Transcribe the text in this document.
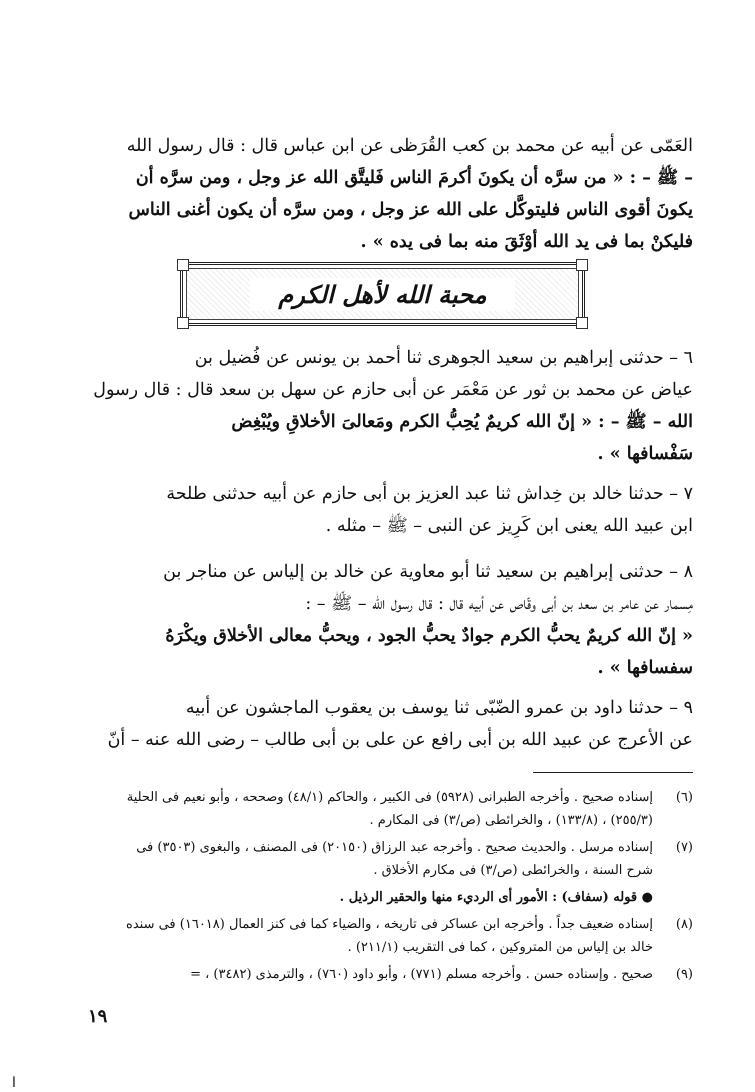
العَمّى عن أبيه عن محمد بن كعب القُرَظى عن ابن عباس قال : قال رسول الله
– ﷺ – : « من سرَّه أن يكونَ أكرمَ الناس فَليتَّق الله عز وجل ، ومن سرَّه أن
يكونَ أقوى الناس فليتوكَّل على الله عز وجل ، ومن سرَّه أن يكون أغنى الناس
فليكنْ بما فى يد الله أوْثَقَ منه بما فى يده » .
محبة الله لأهل الكرم
٦ – حدثنى إبراهيم بن سعيد الجوهرى ثنا أحمد بن يونس عن فُضيل بن
عياض عن محمد بن ثور عن مَعْمَر عن أبى حازم عن سهل بن سعد قال : قال رسول
الله – ﷺ – : « إنّ الله كريمٌ يُحِبُّ الكرم ومَعالىَ الأخلاقِ ويُبْغِض
سَفْسافها » .
٧ – حدثنا خالد بن خِداش ثنا عبد العزيز بن أبى حازم عن أبيه حدثنى طلحة
ابن عبيد الله يعنى ابن كَرِيز عن النبى – ﷺ – مثله .
٨ – حدثنى إبراهيم بن سعيد ثنا أبو معاوية عن خالد بن إلياس عن مناجر بن
مِسمار عن عامر بن سعد بن أبى وقّاص عن أبيه قال : قال رسول الله – ﷺ – :
« إنّ الله كريمٌ يحبُّ الكرم جوادٌ يحبُّ الجود ، ويحبُّ معالى الأخلاق ويكْرَهُ
سفسافها » .
٩ – حدثنا داود بن عمرو الضّبّى ثنا يوسف بن يعقوب الماجشون عن أبيه
عن الأعرج عن عبيد الله بن أبى رافع عن على بن أبى طالب – رضى الله عنه – أنّ
(٦)
إسناده صحيح . وأخرجه الطبرانى (٥٩٢٨) فى الكبير ، والحاكم (٤٨/١) وصححه ، وأبو نعيم فى الحلية
(٢٥٥/٣) ، (١٣٣/٨) ، والخرائطى (ص/٣) فى المكارم .
(٧)
إسناده مرسل . والحديث صحيح . وأخرجه عبد الرزاق (٢٠١٥٠) فى المصنف ، والبغوى (٣٥٠٣) فى
شرح السنة ، والخرائطى (ص/٣) فى مكارم الأخلاق .
● قوله (سفاف) : الأمور أى الرديء منها والحقير الرذيل .
(٨)
إسناده ضعيف جداً . وأخرجه ابن عساكر فى تاريخه ، والضياء كما فى كنز العمال (١٦٠١٨) فى سنده
خالد بن إلياس من المتروكين ، كما فى التقريب (٢١١/١) .
(٩)
صحيح . وإسناده حسن . وأخرجه مسلم (٧٧١) ، وأبو داود (٧٦٠) ، والترمذى (٣٤٨٢) ، =
١٩
ا
